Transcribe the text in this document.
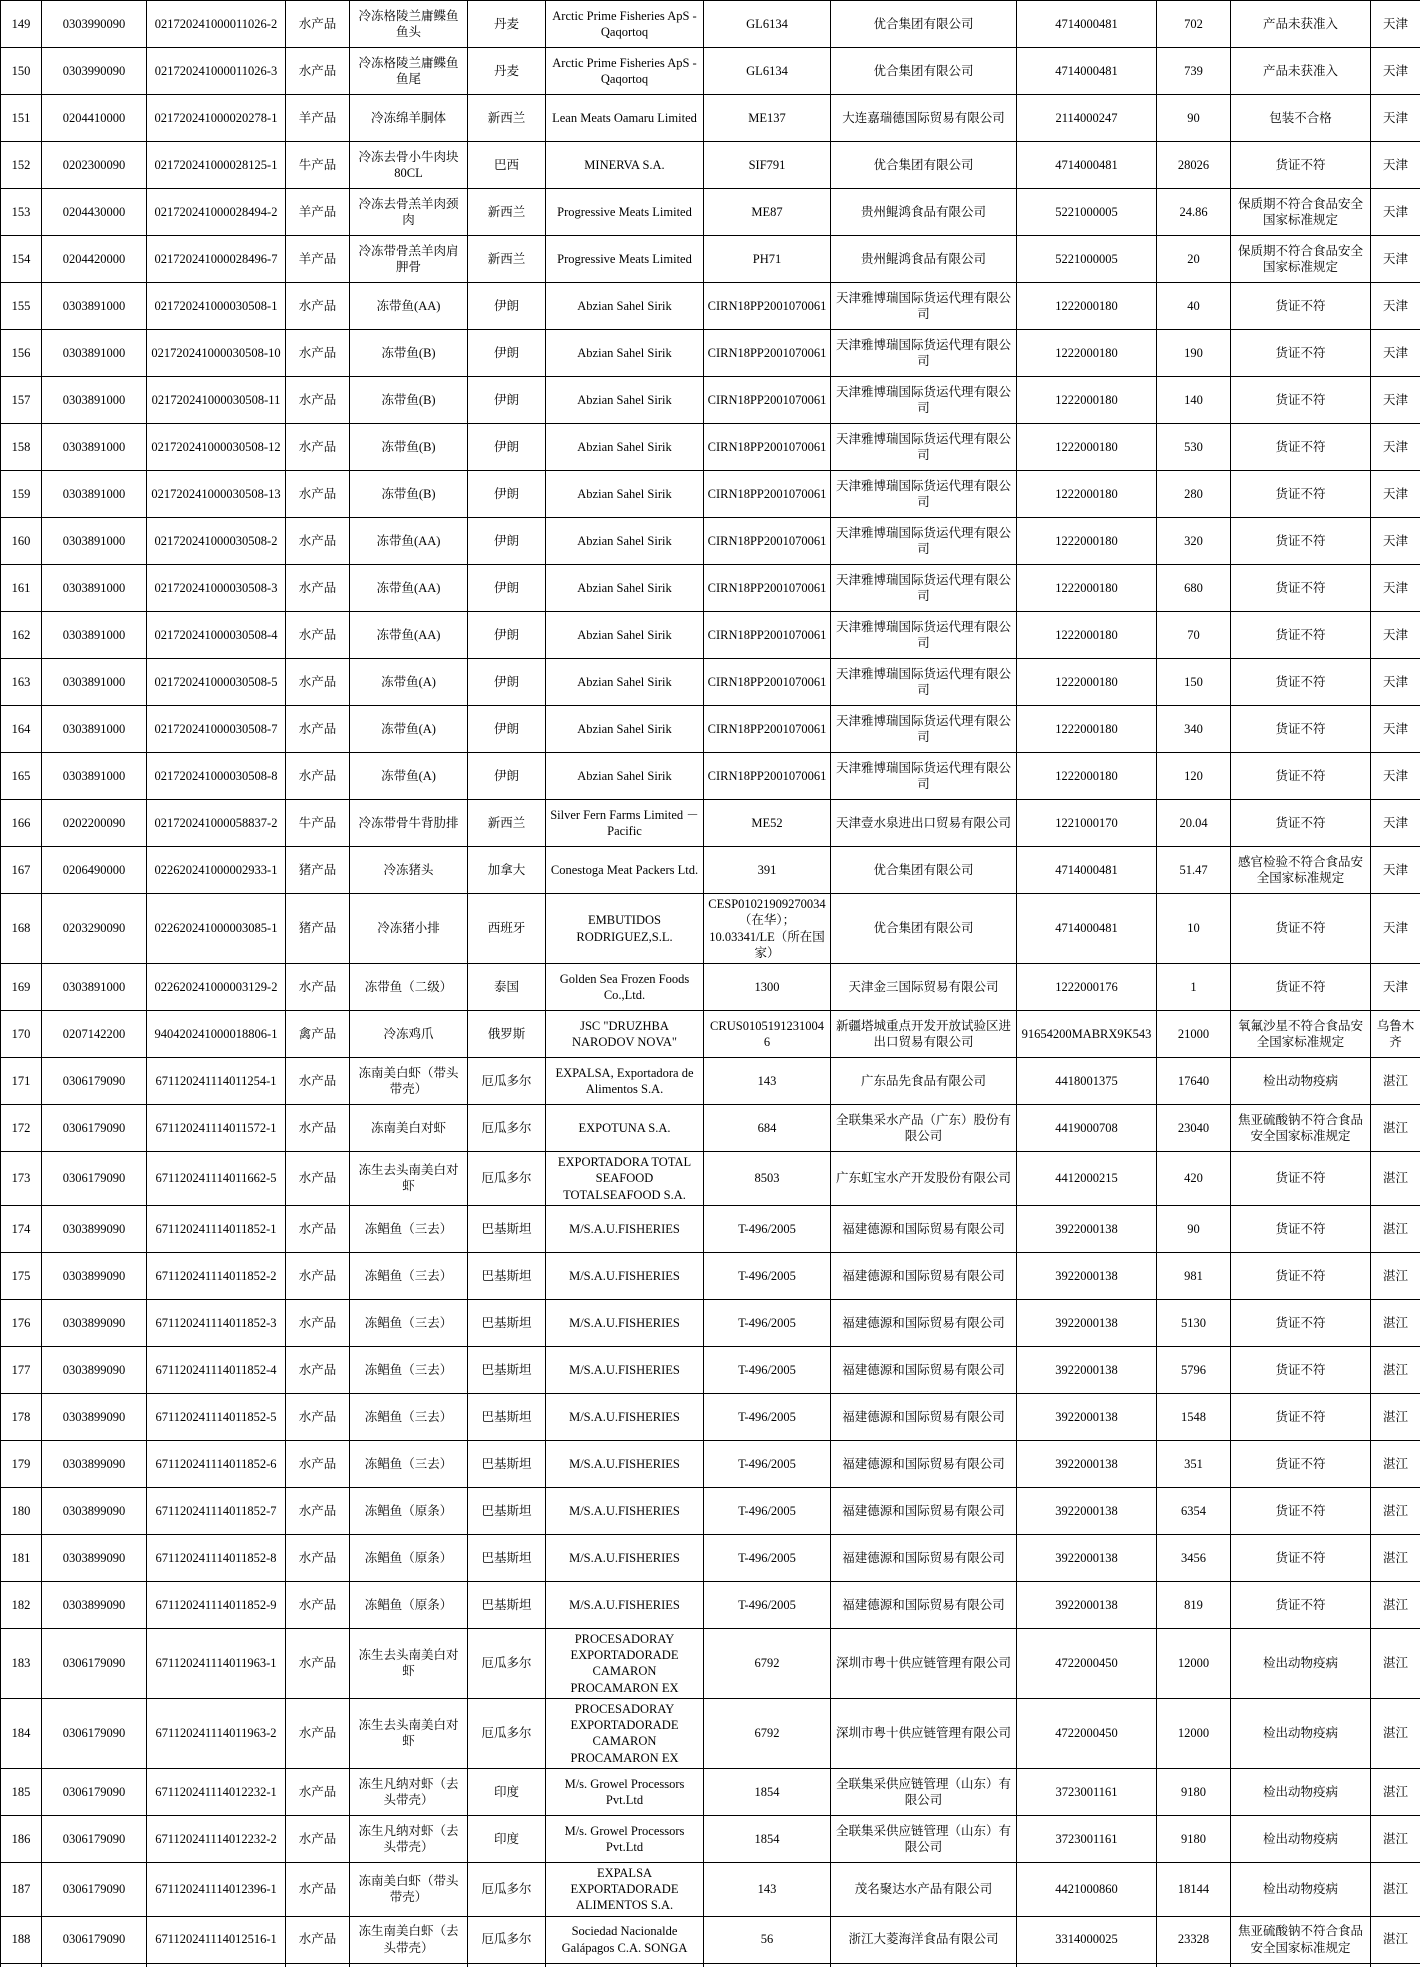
149	0303990090	021720241000011026-2	水产品	冷冻格陵兰庸鲽鱼鱼头	丹麦	Arctic Prime Fisheries ApS - Qaqortoq	GL6134	优合集团有限公司	4714000481	702	产品未获准入	天津
150	0303990090	021720241000011026-3	水产品	冷冻格陵兰庸鲽鱼鱼尾	丹麦	Arctic Prime Fisheries ApS - Qaqortoq	GL6134	优合集团有限公司	4714000481	739	产品未获准入	天津
151	0204410000	021720241000020278-1	羊产品	冷冻绵羊胴体	新西兰	Lean Meats Oamaru Limited	ME137	大连嘉瑞德国际贸易有限公司	2114000247	90	包装不合格	天津
152	0202300090	021720241000028125-1	牛产品	冷冻去骨小牛肉块80CL	巴西	MINERVA S.A.	SIF791	优合集团有限公司	4714000481	28026	货证不符	天津
153	0204430000	021720241000028494-2	羊产品	冷冻去骨羔羊肉颈肉	新西兰	Progressive Meats Limited	ME87	贵州鲲鸿食品有限公司	5221000005	24.86	保质期不符合食品安全国家标准规定	天津
154	0204420000	021720241000028496-7	羊产品	冷冻带骨羔羊肉肩胛骨	新西兰	Progressive Meats Limited	PH71	贵州鲲鸿食品有限公司	5221000005	20	保质期不符合食品安全国家标准规定	天津
155	0303891000	021720241000030508-1	水产品	冻带鱼(AA)	伊朗	Abzian Sahel Sirik	CIRN18PP2001070061	天津雅博瑞国际货运代理有限公司	1222000180	40	货证不符	天津
156	0303891000	021720241000030508-10	水产品	冻带鱼(B)	伊朗	Abzian Sahel Sirik	CIRN18PP2001070061	天津雅博瑞国际货运代理有限公司	1222000180	190	货证不符	天津
157	0303891000	021720241000030508-11	水产品	冻带鱼(B)	伊朗	Abzian Sahel Sirik	CIRN18PP2001070061	天津雅博瑞国际货运代理有限公司	1222000180	140	货证不符	天津
158	0303891000	021720241000030508-12	水产品	冻带鱼(B)	伊朗	Abzian Sahel Sirik	CIRN18PP2001070061	天津雅博瑞国际货运代理有限公司	1222000180	530	货证不符	天津
159	0303891000	021720241000030508-13	水产品	冻带鱼(B)	伊朗	Abzian Sahel Sirik	CIRN18PP2001070061	天津雅博瑞国际货运代理有限公司	1222000180	280	货证不符	天津
160	0303891000	021720241000030508-2	水产品	冻带鱼(AA)	伊朗	Abzian Sahel Sirik	CIRN18PP2001070061	天津雅博瑞国际货运代理有限公司	1222000180	320	货证不符	天津
161	0303891000	021720241000030508-3	水产品	冻带鱼(AA)	伊朗	Abzian Sahel Sirik	CIRN18PP2001070061	天津雅博瑞国际货运代理有限公司	1222000180	680	货证不符	天津
162	0303891000	021720241000030508-4	水产品	冻带鱼(AA)	伊朗	Abzian Sahel Sirik	CIRN18PP2001070061	天津雅博瑞国际货运代理有限公司	1222000180	70	货证不符	天津
163	0303891000	021720241000030508-5	水产品	冻带鱼(A)	伊朗	Abzian Sahel Sirik	CIRN18PP2001070061	天津雅博瑞国际货运代理有限公司	1222000180	150	货证不符	天津
164	0303891000	021720241000030508-7	水产品	冻带鱼(A)	伊朗	Abzian Sahel Sirik	CIRN18PP2001070061	天津雅博瑞国际货运代理有限公司	1222000180	340	货证不符	天津
165	0303891000	021720241000030508-8	水产品	冻带鱼(A)	伊朗	Abzian Sahel Sirik	CIRN18PP2001070061	天津雅博瑞国际货运代理有限公司	1222000180	120	货证不符	天津
166	0202200090	021720241000058837-2	牛产品	冷冻带骨牛背肋排	新西兰	Silver Fern Farms Limited － Pacific	ME52	天津壹水泉进出口贸易有限公司	1221000170	20.04	货证不符	天津
167	0206490000	022620241000002933-1	猪产品	冷冻猪头	加拿大	Conestoga Meat Packers Ltd.	391	优合集团有限公司	4714000481	51.47	感官检验不符合食品安全国家标准规定	天津
168	0203290090	022620241000003085-1	猪产品	冷冻猪小排	西班牙	EMBUTIDOS RODRIGUEZ,S.L.	CESP01021909270034（在华）；10.03341/LE（所在国家）	优合集团有限公司	4714000481	10	货证不符	天津
169	0303891000	022620241000003129-2	水产品	冻带鱼（二级）	泰国	Golden Sea Frozen Foods Co.,Ltd.	1300	天津金三国际贸易有限公司	1222000176	1	货证不符	天津
170	0207142200	940420241000018806-1	禽产品	冷冻鸡爪	俄罗斯	JSC "DRUZHBA NARODOV NOVA"	CRUS01051912310046	新疆塔城重点开发开放试验区进出口贸易有限公司	91654200MABRX9K543	21000	氧氟沙星不符合食品安全国家标准规定	乌鲁木齐
171	0306179090	671120241114011254-1	水产品	冻南美白虾（带头带壳）	厄瓜多尔	EXPALSA, Exportadora de Alimentos S.A.	143	广东品先食品有限公司	4418001375	17640	检出动物疫病	湛江
172	0306179090	671120241114011572-1	水产品	冻南美白对虾	厄瓜多尔	EXPOTUNA S.A.	684	全联集采水产品（广东）股份有限公司	4419000708	23040	焦亚硫酸钠不符合食品安全国家标准规定	湛江
173	0306179090	671120241114011662-5	水产品	冻生去头南美白对虾	厄瓜多尔	EXPORTADORA TOTAL SEAFOOD TOTALSEAFOOD S.A.	8503	广东虹宝水产开发股份有限公司	4412000215	420	货证不符	湛江
174	0303899090	671120241114011852-1	水产品	冻鲳鱼（三去）	巴基斯坦	M/S.A.U.FISHERIES	T-496/2005	福建德源和国际贸易有限公司	3922000138	90	货证不符	湛江
175	0303899090	671120241114011852-2	水产品	冻鲳鱼（三去）	巴基斯坦	M/S.A.U.FISHERIES	T-496/2005	福建德源和国际贸易有限公司	3922000138	981	货证不符	湛江
176	0303899090	671120241114011852-3	水产品	冻鲳鱼（三去）	巴基斯坦	M/S.A.U.FISHERIES	T-496/2005	福建德源和国际贸易有限公司	3922000138	5130	货证不符	湛江
177	0303899090	671120241114011852-4	水产品	冻鲳鱼（三去）	巴基斯坦	M/S.A.U.FISHERIES	T-496/2005	福建德源和国际贸易有限公司	3922000138	5796	货证不符	湛江
178	0303899090	671120241114011852-5	水产品	冻鲳鱼（三去）	巴基斯坦	M/S.A.U.FISHERIES	T-496/2005	福建德源和国际贸易有限公司	3922000138	1548	货证不符	湛江
179	0303899090	671120241114011852-6	水产品	冻鲳鱼（三去）	巴基斯坦	M/S.A.U.FISHERIES	T-496/2005	福建德源和国际贸易有限公司	3922000138	351	货证不符	湛江
180	0303899090	671120241114011852-7	水产品	冻鲳鱼（原条）	巴基斯坦	M/S.A.U.FISHERIES	T-496/2005	福建德源和国际贸易有限公司	3922000138	6354	货证不符	湛江
181	0303899090	671120241114011852-8	水产品	冻鲳鱼（原条）	巴基斯坦	M/S.A.U.FISHERIES	T-496/2005	福建德源和国际贸易有限公司	3922000138	3456	货证不符	湛江
182	0303899090	671120241114011852-9	水产品	冻鲳鱼（原条）	巴基斯坦	M/S.A.U.FISHERIES	T-496/2005	福建德源和国际贸易有限公司	3922000138	819	货证不符	湛江
183	0306179090	671120241114011963-1	水产品	冻生去头南美白对虾	厄瓜多尔	PROCESADORAY EXPORTADORADE CAMARON PROCAMARON EX	6792	深圳市粤十供应链管理有限公司	4722000450	12000	检出动物疫病	湛江
184	0306179090	671120241114011963-2	水产品	冻生去头南美白对虾	厄瓜多尔	PROCESADORAY EXPORTADORADE CAMARON PROCAMARON EX	6792	深圳市粤十供应链管理有限公司	4722000450	12000	检出动物疫病	湛江
185	0306179090	671120241114012232-1	水产品	冻生凡纳对虾（去头带壳）	印度	M/s. Growel Processors Pvt.Ltd	1854	全联集采供应链管理（山东）有限公司	3723001161	9180	检出动物疫病	湛江
186	0306179090	671120241114012232-2	水产品	冻生凡纳对虾（去头带壳）	印度	M/s. Growel Processors Pvt.Ltd	1854	全联集采供应链管理（山东）有限公司	3723001161	9180	检出动物疫病	湛江
187	0306179090	671120241114012396-1	水产品	冻南美白虾（带头带壳）	厄瓜多尔	EXPALSA EXPORTADORADE ALIMENTOS S.A.	143	茂名聚达水产品有限公司	4421000860	18144	检出动物疫病	湛江
188	0306179090	671120241114012516-1	水产品	冻生南美白虾（去头带壳）	厄瓜多尔	Sociedad Nacionalde Galápagos C.A. SONGA	56	浙江大菱海洋食品有限公司	3314000025	23328	焦亚硫酸钠不符合食品安全国家标准规定	湛江
